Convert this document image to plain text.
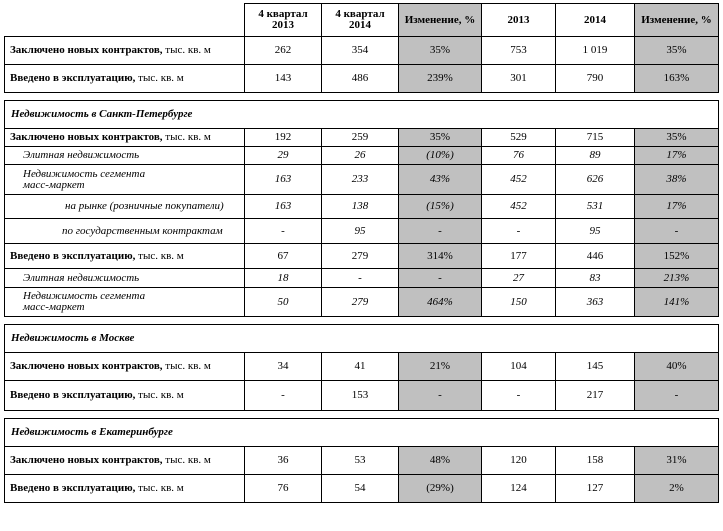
	4 квартал 2013	4 квартал 2014	Изменение, %	2013	2014	Изменение, %
Заключено новых контрактов, тыс. кв. м	262	354	35%	753	1 019	35%
Введено в эксплуатацию, тыс. кв. м	143	486	239%	301	790	163%

Недвижимость в Санкт-Петербурге						
Заключено новых контрактов, тыс. кв. м	192	259	35%	529	715	35%
Элитная недвижимость	29	26	(10%)	76	89	17%

Недвижимость сегмента масс-маркет	163	233	43%	452	626	38%
на рынке (розничные покупатели)	163	138	(15%)	452	531	17%
по государственным контрактам	-	95	-	-	95	-
Введено в эксплуатацию, тыс. кв. м	67	279	314%	177	446	152%
Элитная недвижимость	18	-	-	27	83	213%

Недвижимость сегмента масс-маркет	50	279	464%	150	363	141%

Недвижимость в Москве						
Заключено новых контрактов, тыс. кв. м	34	41	21%	104	145	40%
Введено в эксплуатацию, тыс. кв. м	-	153	-	-	217	-

Недвижимость в Екатеринбурге						
Заключено новых контрактов, тыс. кв. м	36	53	48%	120	158	31%
Введено в эксплуатацию, тыс. кв. м	76	54	(29%)	124	127	2%
